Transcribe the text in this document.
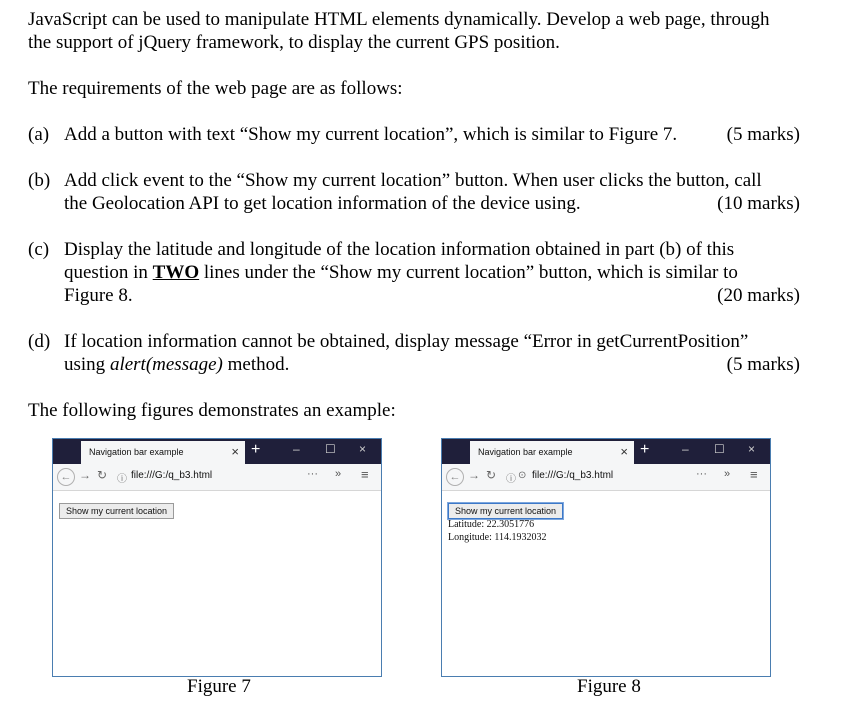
JavaScript can be used to manipulate HTML elements dynamically. Develop a web page, through
the support of jQuery framework, to display the current GPS position.
The requirements of the web page are as follows:
(a) Add a button with text “Show my current location”, which is similar to Figure 7.	(5 marks)
(b) Add click event to the “Show my current location” button. When user clicks the button, call
the Geolocation API to get location information of the device using.	(10 marks)
(c) Display the latitude and longitude of the location information obtained in part (b) of this
question in TWO lines under the “Show my current location” button, which is similar to
Figure 8.	(20 marks)
(d) If location information cannot be obtained, display message “Error in getCurrentPosition”
using alert(message) method.	(5 marks)
The following figures demonstrates an example:
Navigation bar example	× +	– ☐ ×
← → ↻ ⓘ file:///G:/q_b3.html	··· » ≡
Show my current location
Figure 7
Navigation bar example	× +	– ☐ ×
← → ↻ ⓘ ⊙ file:///G:/q_b3.html	··· » ≡
Show my current location
Latitude: 22.3051776
Longitude: 114.1932032
Figure 8
